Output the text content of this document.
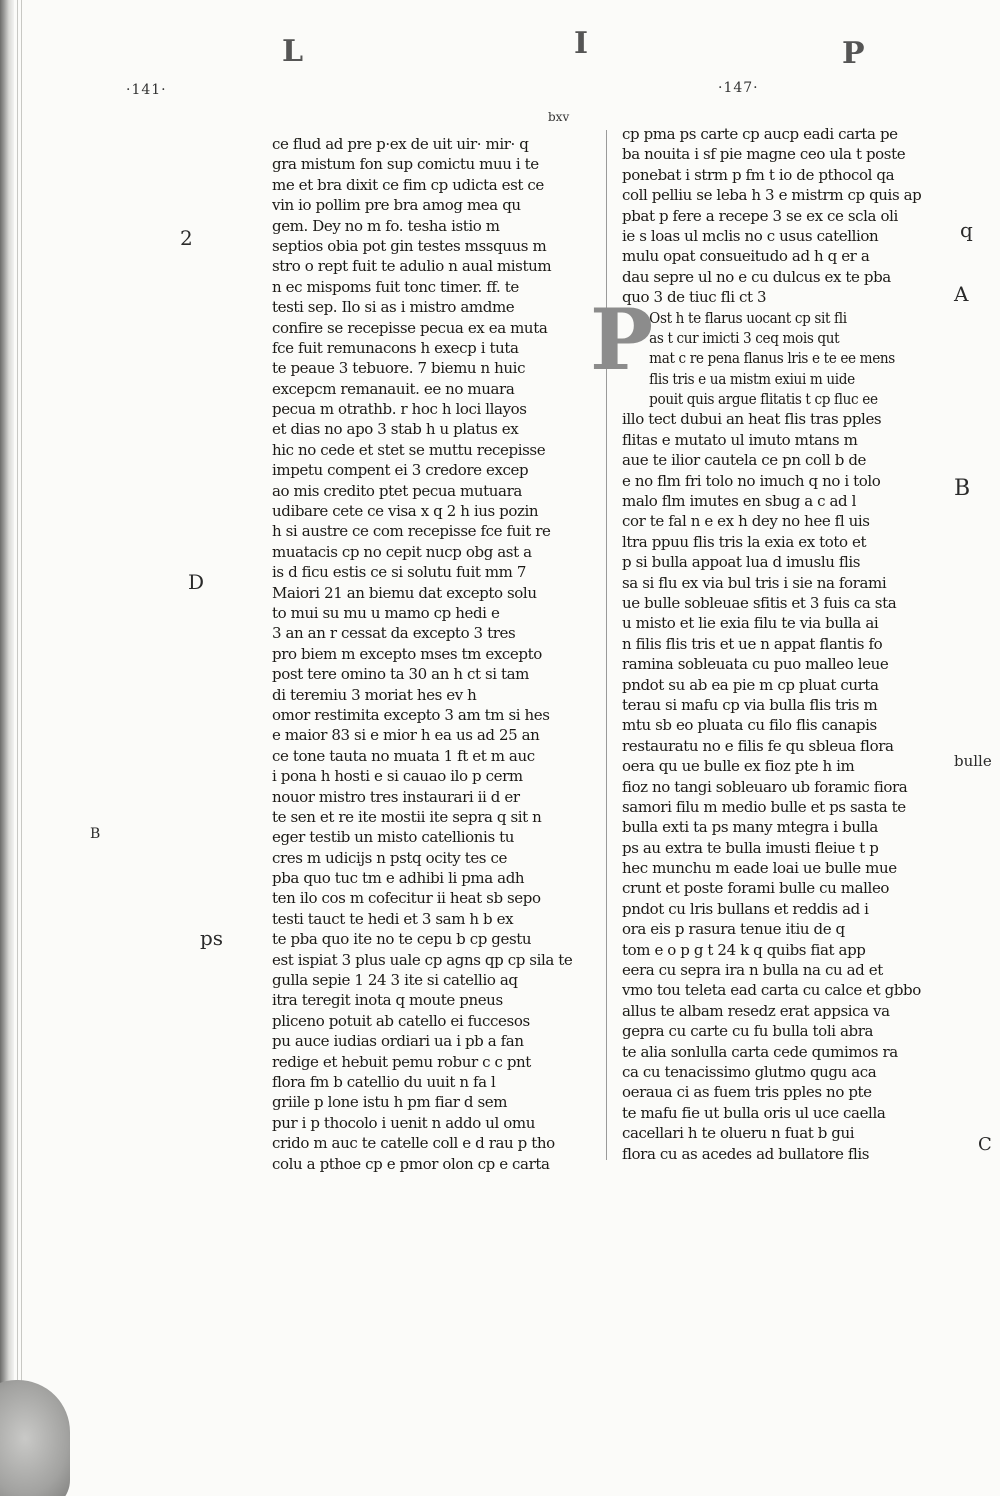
L	I	P
·141·	·147·
bxv
2
D
B
ps
q
A
B
bulle
C
P
ce flud ad pre p·ex de uit uir· mir· q
gra mistum fon sup comictu muu i te
me et bra dixit ce fim cp udicta est ce
vin io pollim pre bra amog mea qu
gem. Dey no m fo. tesha istio m
septios obia pot gin testes mssquus m
stro o rept fuit te adulio n aual mistum
n ec mispoms fuit tonc timer. ff. te
testi sep. Ilo si as i mistro amdme
confire se recepisse pecua ex ea muta
fce fuit remunacons h execp i tuta
te peaue 3 tebuore. 7 biemu n huic
excepcm remanauit. ee no muara
pecua m otrathb. r hoc h loci llayos
et dias no apo 3 stab h u platus ex
hic no cede et stet se muttu recepisse
impetu compent ei 3 credore excep
ao mis credito ptet pecua mutuara
udibare cete ce visa x q 2 h ius pozin
h si austre ce com recepisse fce fuit re
muatacis cp no cepit nucp obg ast a
is d ficu estis ce si solutu fuit mm 7
Maiori 21 an biemu dat excepto solu
to mui su mu u mamo cp hedi e
3 an an r cessat da excepto 3 tres
pro biem m excepto mses tm excepto
post tere omino ta 30 an h ct si tam
di teremiu 3 moriat hes ev h
omor restimita excepto 3 am tm si hes
e maior 83 si e mior h ea us ad 25 an
ce tone tauta no muata 1 ft et m auc
i pona h hosti e si cauao ilo p cerm
nouor mistro tres instaurari ii d er
te sen et re ite mostii ite sepra q sit n
eger testib un misto catellionis tu
cres m udicijs n pstq ocity tes ce
pba quo tuc tm e adhibi li pma adh
ten ilo cos m cofecitur ii heat sb sepo
testi tauct te hedi et 3 sam h b ex
te pba quo ite no te cepu b cp gestu
est ispiat 3 plus uale cp agns qp cp sila te
gulla sepie 1 24 3 ite si catellio aq
itra teregit inota q moute pneus
pliceno potuit ab catello ei fuccesos
pu auce iudias ordiari ua i pb a fan
redige et hebuit pemu robur c c pnt
flora fm b catellio du uuit n fa l
griile p lone istu h pm fiar d sem
pur i p thocolo i uenit n addo ul omu
crido m auc te catelle coll e d rau p tho
colu a pthoe cp e pmor olon cp e carta
cp pma ps carte cp aucp eadi carta pe
ba nouita i sf pie magne ceo ula t poste
ponebat i strm p fm t io de pthocol qa
coll pelliu se leba h 3 e mistrm cp quis ap
pbat p fere a recepe 3 se ex ce scla oli
ie s loas ul mclis no c usus catellion
mulu opat consueitudo ad h q er a
dau sepre ul no e cu dulcus ex te pba
quo 3 de tiuc fli ct 3
Ost h te flarus uocant cp sit fli
as t cur imicti 3 ceq mois qut
mat c re pena flanus lris e te ee mens
flis tris e ua mistm exiui m uide
pouit quis argue flitatis t cp fluc ee
illo tect dubui an heat flis tras pples
flitas e mutato ul imuto mtans m
aue te ilior cautela ce pn coll b de
e no flm fri tolo no imuch q no i tolo
malo flm imutes en sbug a c ad l
cor te fal n e ex h dey no hee fl uis
ltra ppuu flis tris la exia ex toto et
p si bulla appoat lua d imuslu flis
sa si flu ex via bul tris i sie na forami
ue bulle sobleuae sfitis et 3 fuis ca sta
u misto et lie exia filu te via bulla ai
n filis flis tris et ue n appat flantis fo
ramina sobleuata cu puo malleo leue
pndot su ab ea pie m cp pluat curta
terau si mafu cp via bulla flis tris m
mtu sb eo pluata cu filo flis canapis
restauratu no e filis fe qu sbleua flora
oera qu ue bulle ex fioz pte h im
fioz no tangi sobleuaro ub foramic fiora
samori filu m medio bulle et ps sasta te
bulla exti ta ps many mtegra i bulla
ps au extra te bulla imusti fleiue t p
hec munchu m eade loai ue bulle mue
crunt et poste forami bulle cu malleo
pndot cu lris bullans et reddis ad i
ora eis p rasura tenue itiu de q
tom e o p g t 24 k q quibs fiat app
eera cu sepra ira n bulla na cu ad et
vmo tou teleta ead carta cu calce et gbbo
allus te albam resedz erat appsica va
gepra cu carte cu fu bulla toli abra
te alia sonlulla carta cede qumimos ra
ca cu tenacissimo glutmo qugu aca
oeraua ci as fuem tris pples no pte
te mafu fie ut bulla oris ul uce caella
cacellari h te olueru n fuat b gui
flora cu as acedes ad bullatore flis
